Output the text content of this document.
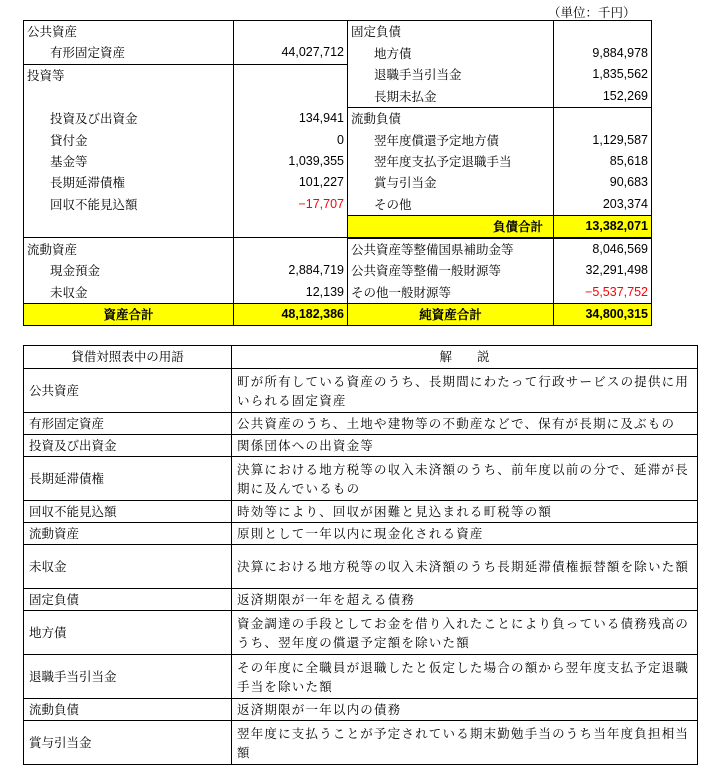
（単位：千円）
公共資産		固定負債	
有形固定資産	44,027,712	地方債	9,884,978
投資等		退職手当引当金	1,835,562
		長期未払金	152,269
投資及び出資金	134,941	流動負債	
貸付金	0	翌年度償還予定地方債	1,129,587
基金等	1,039,355	翌年度支払予定退職手当	85,618
長期延滞債権	101,227	賞与引当金	90,683
回収不能見込額	−17,707	その他	203,374
		負債合計	13,382,071
流動資産		公共資産等整備国県補助金等	8,046,569
現金預金	2,884,719	公共資産等整備一般財源等	32,291,498
未収金	12,139	その他一般財源等	−5,537,752
資産合計	48,182,386	純資産合計	34,800,315
貸借対照表中の用語	解　　説
公共資産	町が所有している資産のうち、長期間にわたって行政サービスの提供に用いられる固定資産
有形固定資産	公共資産のうち、土地や建物等の不動産などで、保有が長期に及ぶもの
投資及び出資金	関係団体への出資金等
長期延滞債権	決算における地方税等の収入未済額のうち、前年度以前の分で、延滞が長期に及んでいるもの
回収不能見込額	時効等により、回収が困難と見込まれる町税等の額
流動資産	原則として一年以内に現金化される資産
未収金	決算における地方税等の収入未済額のうち長期延滞債権振替額を除いた額
固定負債	返済期限が一年を超える債務
地方債	資金調達の手段としてお金を借り入れたことにより負っている債務残高のうち、翌年度の償還予定額を除いた額
退職手当引当金	その年度に全職員が退職したと仮定した場合の額から翌年度支払予定退職手当を除いた額
流動負債	返済期限が一年以内の債務
賞与引当金	翌年度に支払うことが予定されている期末勤勉手当のうち当年度負担相当額
